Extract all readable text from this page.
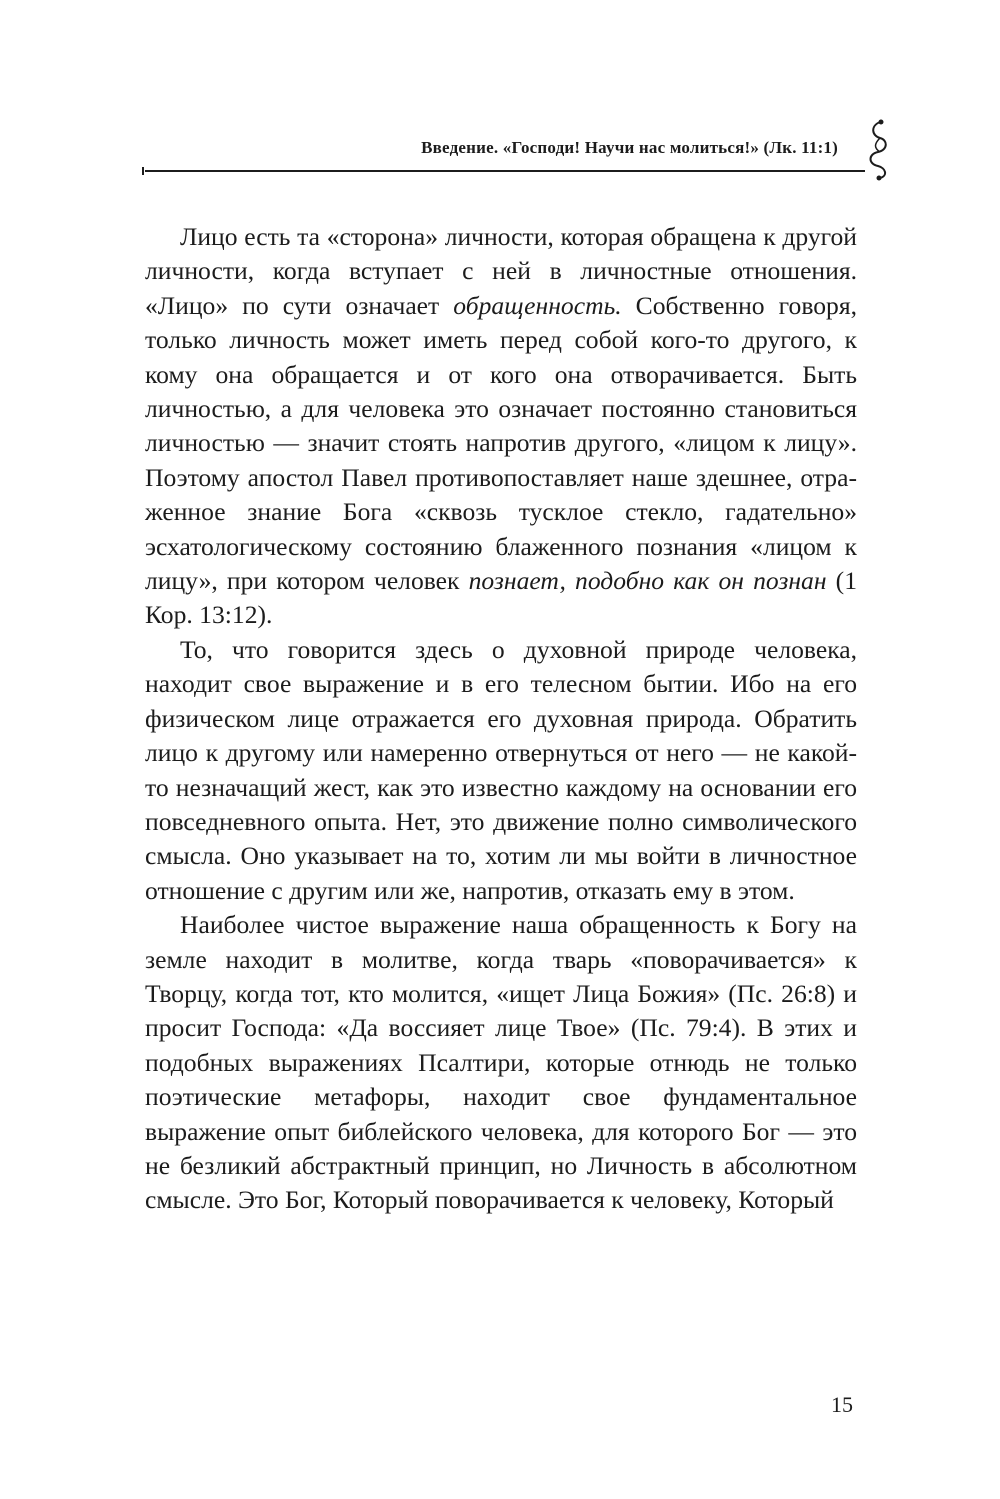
Введение. «Господи! Научи нас молиться!» (Лк. 11:1)

Лицо есть та «сторона» личности, которая обращена к другой личности, когда вступает с ней в личностные отношения. «Лицо» по сути означает обращенность. Собственно говоря, только личность может иметь перед собой кого-то другого, к кому она обращается и от кого она отворачивается. Быть личностью, а для человека это означает постоянно становиться личностью — значит стоять напротив другого, «лицом к лицу». Поэтому апостол Павел противопоставляет наше здешнее, отраженное знание Бога «сквозь тусклое стекло, гадательно» эсхатологическому состоянию блаженного познания «лицом к лицу», при котором человек познает, подобно как он познан (1 Кор. 13:12).

То, что говорится здесь о духовной природе человека, находит свое выражение и в его телесном бытии. Ибо на его физическом лице отражается его духовная природа. Обратить лицо к другому или намеренно отвернуться от него — не какой-то незначащий жест, как это известно каждому на основании его повседневного опыта. Нет, это движение полно символического смысла. Оно указывает на то, хотим ли мы войти в личностное отношение с другим или же, напротив, отказать ему в этом.

Наиболее чистое выражение наша обращенность к Богу на земле находит в молитве, когда тварь «поворачивается» к Творцу, когда тот, кто молится, «ищет Лица Божия» (Пс. 26:8) и просит Господа: «Да воссияет лице Твое» (Пс. 79:4). В этих и подобных выражениях Псалтири, которые отнюдь не только поэтические метафоры, находит свое фундаментальное выражение опыт библейского человека, для которого Бог — это не безликий абстрактный принцип, но Личность в абсолютном смысле. Это Бог, Который поворачивается к человеку, Который

15
